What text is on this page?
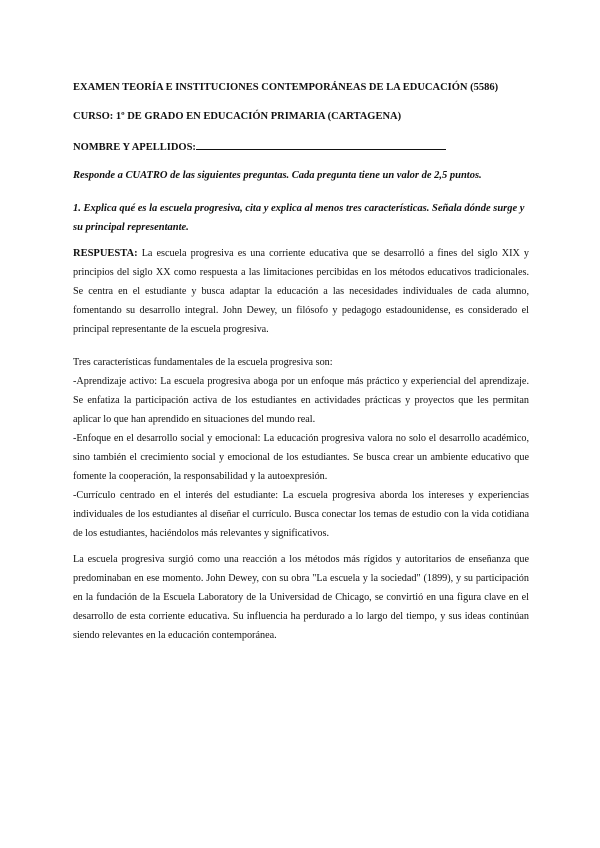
EXAMEN TEORÍA E INSTITUCIONES CONTEMPORÁNEAS DE LA EDUCACIÓN (5586)
CURSO: 1º DE GRADO EN EDUCACIÓN PRIMARIA (CARTAGENA)
NOMBRE Y APELLIDOS:
Responde a CUATRO de las siguientes preguntas. Cada pregunta tiene un valor de 2,5 puntos.
1. Explica qué es la escuela progresiva, cita y explica al menos tres características. Señala dónde surge y su principal representante.
RESPUESTA: La escuela progresiva es una corriente educativa que se desarrolló a fines del siglo XIX y principios del siglo XX como respuesta a las limitaciones percibidas en los métodos educativos tradicionales. Se centra en el estudiante y busca adaptar la educación a las necesidades individuales de cada alumno, fomentando su desarrollo integral. John Dewey, un filósofo y pedagogo estadounidense, es considerado el principal representante de la escuela progresiva.
Tres características fundamentales de la escuela progresiva son:
-Aprendizaje activo: La escuela progresiva aboga por un enfoque más práctico y experiencial del aprendizaje. Se enfatiza la participación activa de los estudiantes en actividades prácticas y proyectos que les permitan aplicar lo que han aprendido en situaciones del mundo real.
-Enfoque en el desarrollo social y emocional: La educación progresiva valora no solo el desarrollo académico, sino también el crecimiento social y emocional de los estudiantes. Se busca crear un ambiente educativo que fomente la cooperación, la responsabilidad y la autoexpresión.
-Currículo centrado en el interés del estudiante: La escuela progresiva aborda los intereses y experiencias individuales de los estudiantes al diseñar el currículo. Busca conectar los temas de estudio con la vida cotidiana de los estudiantes, haciéndolos más relevantes y significativos.
La escuela progresiva surgió como una reacción a los métodos más rígidos y autoritarios de enseñanza que predominaban en ese momento. John Dewey, con su obra "La escuela y la sociedad" (1899), y su participación en la fundación de la Escuela Laboratory de la Universidad de Chicago, se convirtió en una figura clave en el desarrollo de esta corriente educativa. Su influencia ha perdurado a lo largo del tiempo, y sus ideas continúan siendo relevantes en la educación contemporánea.
